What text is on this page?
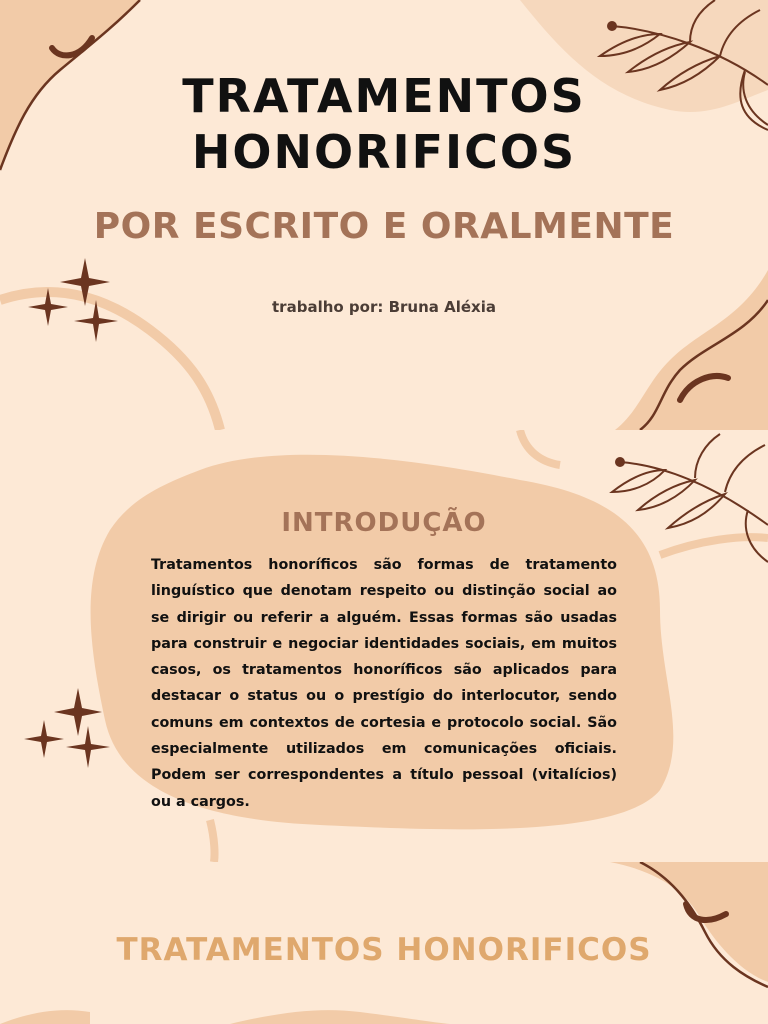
TRATAMENTOS
HONORIFICOS
POR ESCRITO E ORALMENTE
trabalho por: Bruna Aléxia
INTRODUÇÃO
Tratamentos honoríficos são formas de tratamento linguístico que denotam respeito ou distinção social ao se dirigir ou referir a alguém. Essas formas são usadas para construir e negociar identidades sociais, em muitos casos, os tratamentos honoríficos são aplicados para destacar o status ou o prestígio do interlocutor, sendo comuns em contextos de cortesia e protocolo social. São especialmente utilizados em comunicações oficiais. Podem ser correspondentes a título pessoal (vitalícios) ou a cargos.
TRATAMENTOS HONORIFICOS
